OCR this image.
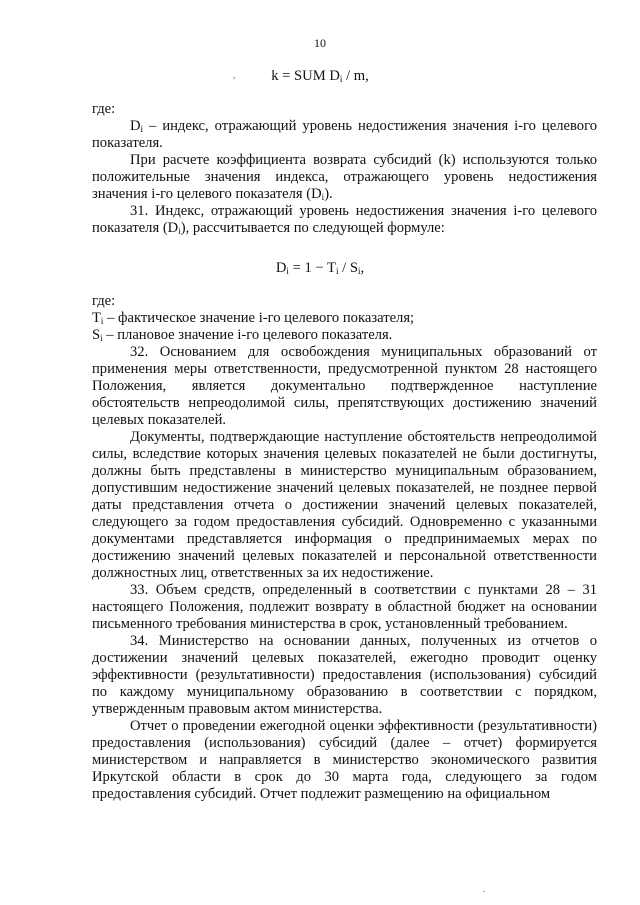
10
,	k = SUM $D_i$ / m,

где:

$D_i$ – индекс, отражающий уровень недостижения значения i-го целевого показателя.

При расчете коэффициента возврата субсидий (k) используются только положительные значения индекса, отражающего уровень недостижения значения i-го целевого показателя $(D_i)$.

31. Индекс, отражающий уровень недостижения значения i-го целевого показателя $(D_i)$, рассчитывается по следующей формуле:

$D_i = 1 - T_i / S_i$,

где:

$T_i$ – фактическое значение i-го целевого показателя;

$S_i$ – плановое значение i-го целевого показателя.

32. Основанием для освобождения муниципальных образований от применения меры ответственности, предусмотренной пунктом 28 настоящего Положения, является документально подтвержденное наступление обстоятельств непреодолимой силы, препятствующих достижению значений целевых показателей.

Документы, подтверждающие наступление обстоятельств непреодолимой силы, вследствие которых значения целевых показателей не были достигнуты, должны быть представлены в министерство муниципальным образованием, допустившим недостижение значений целевых показателей, не позднее первой даты представления отчета о достижении значений целевых показателей, следующего за годом предоставления субсидий. Одновременно с указанными документами представляется информация о предпринимаемых мерах по достижению значений целевых показателей и персональной ответственности должностных лиц, ответственных за их недостижение.

33. Объем средств, определенный в соответствии с пунктами 28 – 31 настоящего Положения, подлежит возврату в областной бюджет на основании письменного требования министерства в срок, установленный требованием.

34. Министерство на основании данных, полученных из отчетов о достижении значений целевых показателей, ежегодно проводит оценку эффективности (результативности) предоставления (использования) субсидий по каждому муниципальному образованию в соответствии с порядком, утвержденным правовым актом министерства.

Отчет о проведении ежегодной оценки эффективности (результативности) предоставления (использования) субсидий (далее – отчет) формируется министерством и направляется в министерство экономического развития Иркутской области в срок до 30 марта года, следующего за годом предоставления субсидий. Отчет подлежит размещению на официальном

.
